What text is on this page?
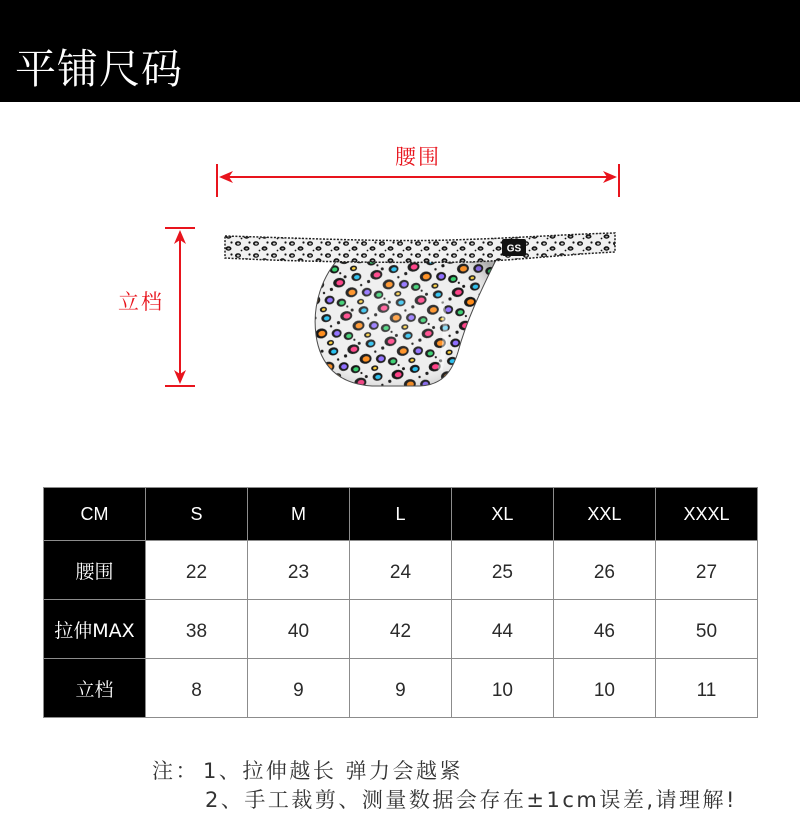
平铺尺码
GS
腰围
立档
CM	S	M	L	XL	XXL	XXXL
腰围	22	23	24	25	26	27
拉伸MAX	38	40	42	44	46	50
立档	8	9	9	10	10	11
注： 1、拉伸越长 弹力会越紧
2、手工裁剪、测量数据会存在±1cm误差,请理解!
